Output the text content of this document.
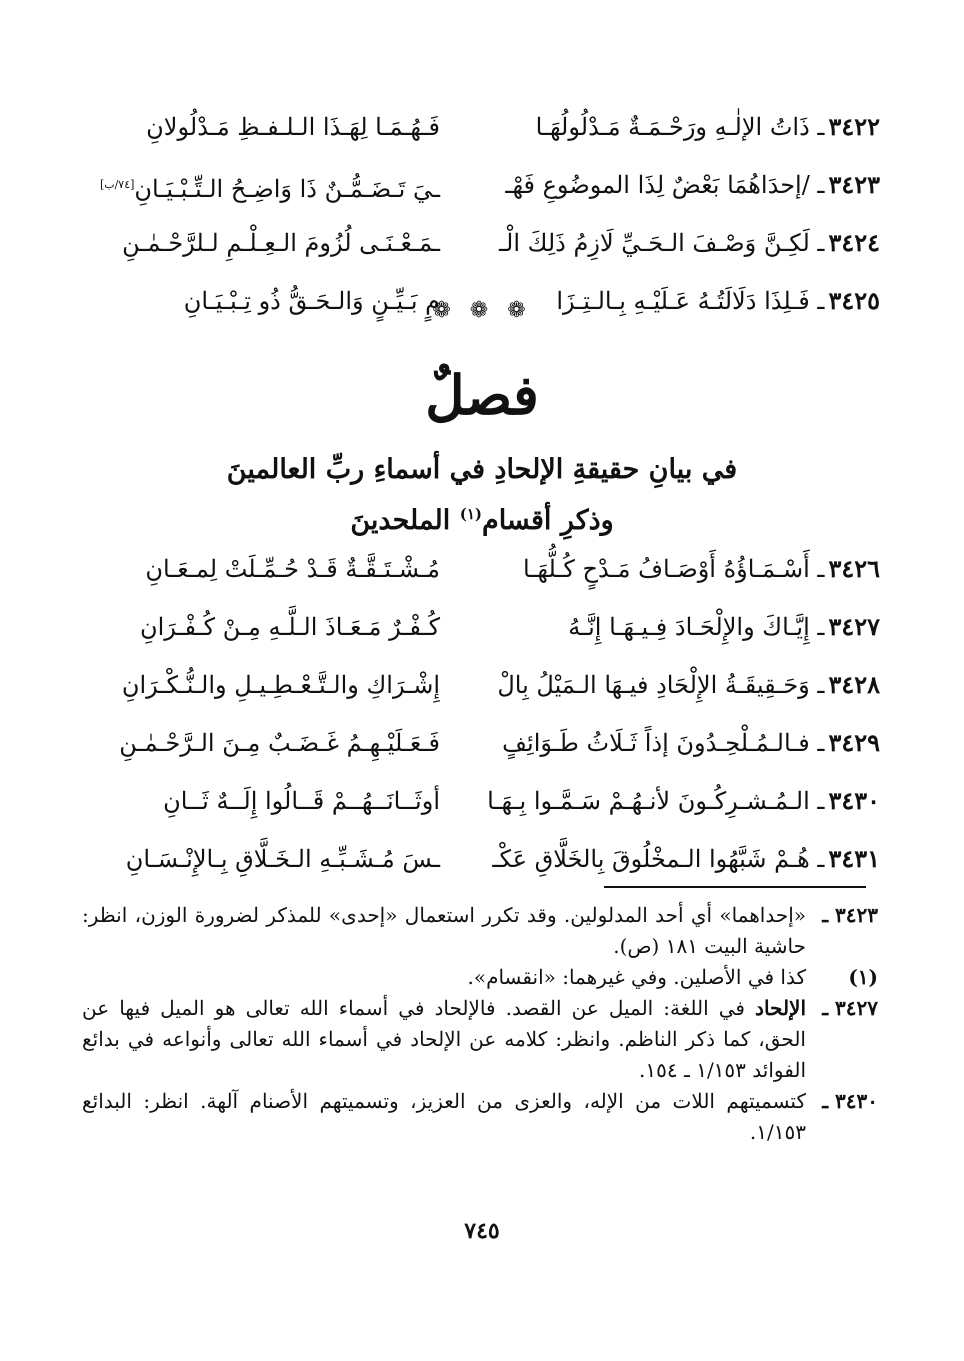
٣٤٢٢ـ ذَاتُ الإلٰـهِ ورَحْـمَـةٌ مَـدْلُولُهَـا
فَـهُـمَـا لِهَـذَا الـلـفـظِ مَـدْلُولانِ
٣٤٢٣ـ /إحدَاهُمَا بَعْضٌ لِذَا الموضُوعِ فَهْـ
ـيَ تَـضَـمُّـنٌ ذَا وَاضِـحُ الـتِّـبْـيَـانِ[٧٤/ب]
٣٤٢٤ـ لَكِـنَّ وَصْـفَ الـحَـيِّ لَازِمُ ذَلِكَ الْـ
ـمَـعْـنَـى لُزُومَ الـعِـلْـمِ لـلرَّحْـمٰـنِ
٣٤٢٥ـ فَـلِذَا دَلَالَتُـهُ عَـلَيْـهِ بِـالـتِـزَا
مٍ بَـيِّـنٍ وَالـحَـقُّ ذُو تِـبْـيَـانِ
❁ ❁ ❁
فصلٌ
في بيانِ حقيقةِ الإلحادِ في أسماءِ ربِّ العالمينَ
وذكرِ أقسام$^{(١)}$ الملحدينَ
٣٤٢٦ـ أَسْـمَـاؤُهُ أَوْصَـافُ مَـدْحٍ كُـلُّهَـا
مُـشْـتَـقَّـةٌ قَـدْ حُـمِّـلَتْ لِمـعَـانِ
٣٤٢٧ـ إِيَّـاكَ والإِلْحَـادَ فِـيـهَـا إِنَّـهُ
كُـفْـرٌ مَـعَـاذَ الـلَّـهِ مِـنْ كُـفْـرَانِ
٣٤٢٨ـ وَحَـقِيقَـةُ الإِلْحَادِ فيـهَا الـمَيْلُ بِالْ
إِشْـرَاكِ والـتَّـعْـطِـيـلِ والـنُّـكْـرَانِ
٣٤٢٩ـ فـالـمُـلْحِـدُونَ إذاً ثَـلَاثُ طَـوَائِفٍ
فَـعَـلَيْـهِـمُ غَـضَـبٌ مِـنَ الـرَّحْـمٰـنِ
٣٤٣٠ـ الـمُـشـرِكُـونَ لأنـهُـمْ سَـمَّـوا بِـهَـا
أوثَــانَــهُــمْ قَــالُوا إِلَــهٌ ثَــانِ
٣٤٣١ـ هُـمْ شَبَّهُوا الـمخْلُوقَ بِالخَلَّاقِ عَكْـ
ـسَ مُـشَـبِّـهِ الـخَـلَّاقِ بِـالإِنْـسَـانِ
٣٤٢٣ ـ
«إحداهما» أي أحد المدلولين. وقد تكرر استعمال «إحدى» للمذكر لضرورة الوزن، انظر: حاشية البيت ١٨١ (ص).
(١)
كذا في الأصلين. وفي غيرهما: «انقسام».
٣٤٢٧ ـ
الإلحاد في اللغة: الميل عن القصد. فالإلحاد في أسماء الله تعالى هو الميل فيها عن الحق، كما ذكر الناظم. وانظر: كلامه عن الإلحاد في أسماء الله تعالى وأنواعه في بدائع الفوائد ١/١٥٣ ـ ١٥٤.
٣٤٣٠ ـ
كتسميتهم اللات من الإله، والعزى من العزيز، وتسميتهم الأصنام آلهة. انظر: البدائع ١/١٥٣.
٧٤٥
